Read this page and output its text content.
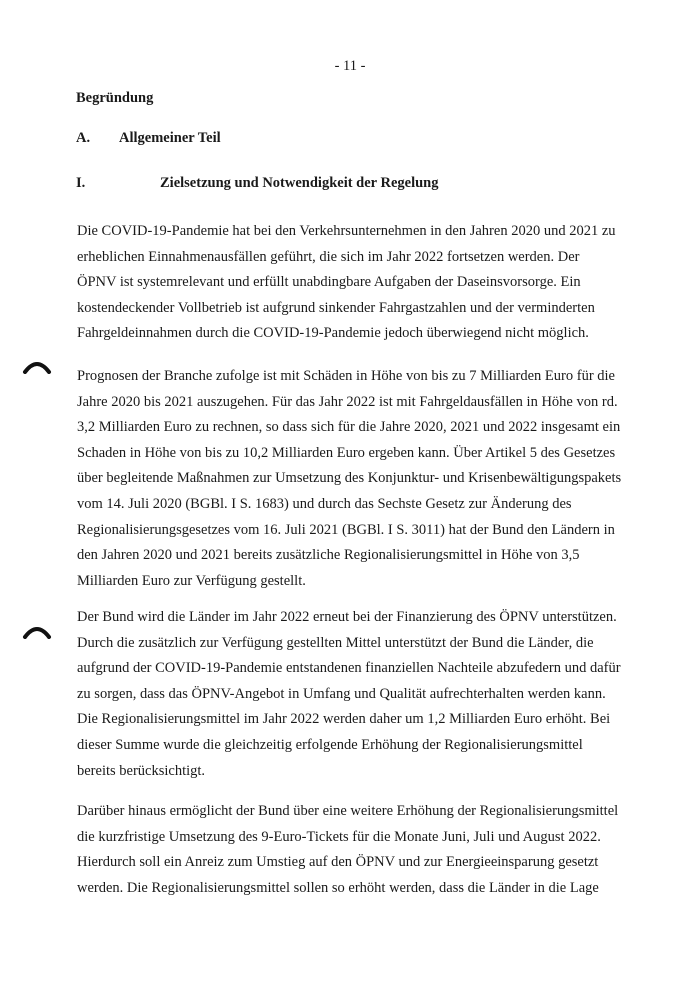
- 11 -
Begründung
A. Allgemeiner Teil
I.	Zielsetzung und Notwendigkeit der Regelung
Die COVID-19-Pandemie hat bei den Verkehrsunternehmen in den Jahren 2020 und 2021 zu
erheblichen Einnahmenausfällen geführt, die sich im Jahr 2022 fortsetzen werden. Der
ÖPNV ist systemrelevant und erfüllt unabdingbare Aufgaben der Daseinsvorsorge. Ein
kostendeckender Vollbetrieb ist aufgrund sinkender Fahrgastzahlen und der verminderten
Fahrgeldeinnahmen durch die COVID-19-Pandemie jedoch überwiegend nicht möglich.
Prognosen der Branche zufolge ist mit Schäden in Höhe von bis zu 7 Milliarden Euro für die
Jahre 2020 bis 2021 auszugehen. Für das Jahr 2022 ist mit Fahrgeldausfällen in Höhe von rd.
3,2 Milliarden Euro zu rechnen, so dass sich für die Jahre 2020, 2021 und 2022 insgesamt ein
Schaden in Höhe von bis zu 10,2 Milliarden Euro ergeben kann. Über Artikel 5 des Gesetzes
über begleitende Maßnahmen zur Umsetzung des Konjunktur- und Krisenbewältigungspakets
vom 14. Juli 2020 (BGBl. I S. 1683) und durch das Sechste Gesetz zur Änderung des
Regionalisierungsgesetzes vom 16. Juli 2021 (BGBl. I S. 3011) hat der Bund den Ländern in
den Jahren 2020 und 2021 bereits zusätzliche Regionalisierungsmittel in Höhe von 3,5
Milliarden Euro zur Verfügung gestellt.
Der Bund wird die Länder im Jahr 2022 erneut bei der Finanzierung des ÖPNV unterstützen.
Durch die zusätzlich zur Verfügung gestellten Mittel unterstützt der Bund die Länder, die
aufgrund der COVID-19-Pandemie entstandenen finanziellen Nachteile abzufedern und dafür
zu sorgen, dass das ÖPNV-Angebot in Umfang und Qualität aufrechterhalten werden kann.
Die Regionalisierungsmittel im Jahr 2022 werden daher um 1,2 Milliarden Euro erhöht. Bei
dieser Summe wurde die gleichzeitig erfolgende Erhöhung der Regionalisierungsmittel
bereits berücksichtigt.
Darüber hinaus ermöglicht der Bund über eine weitere Erhöhung der Regionalisierungsmittel
die kurzfristige Umsetzung des 9-Euro-Tickets für die Monate Juni, Juli und August 2022.
Hierdurch soll ein Anreiz zum Umstieg auf den ÖPNV und zur Energieeinsparung gesetzt
werden. Die Regionalisierungsmittel sollen so erhöht werden, dass die Länder in die Lage
